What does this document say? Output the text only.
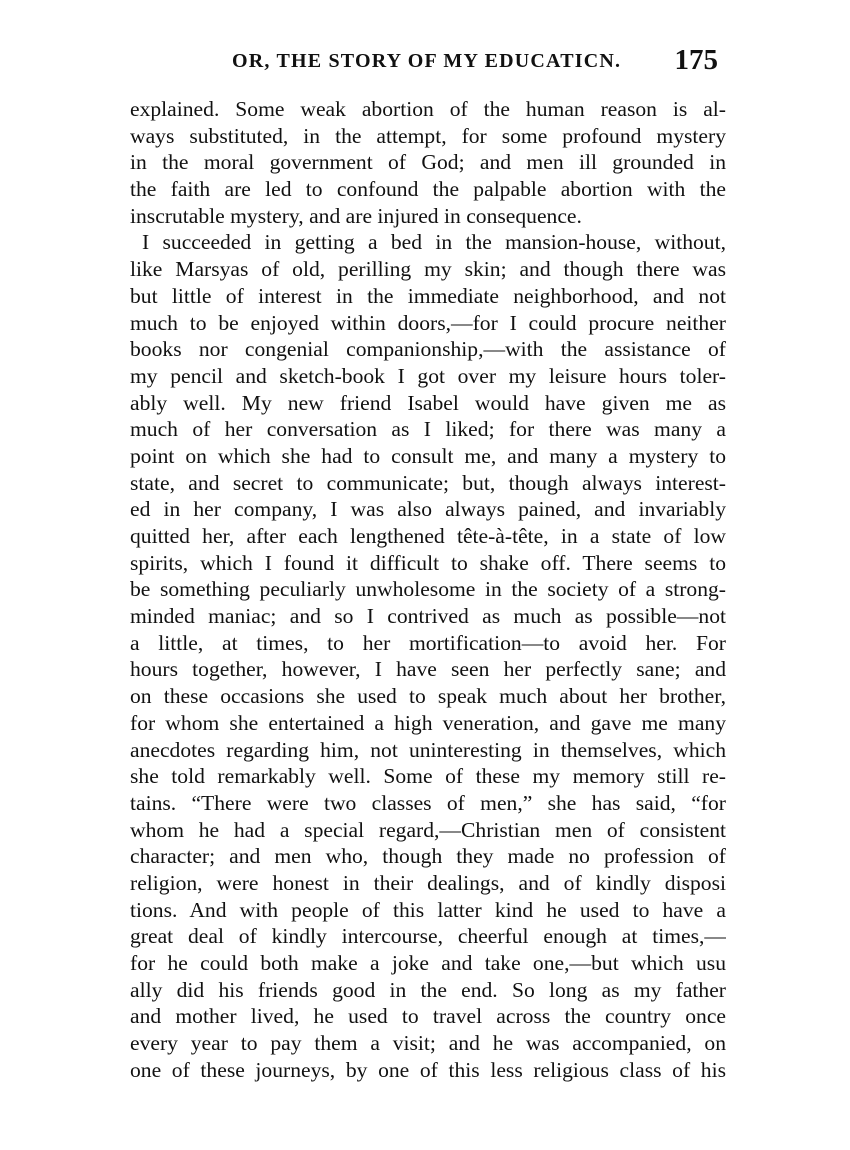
OR, THE STORY OF MY EDUCATICN. 175
explained. Some weak abortion of the human reason is al-
ways substituted, in the attempt, for some profound mystery
in the moral government of God; and men ill grounded in
the faith are led to confound the palpable abortion with the
inscrutable mystery, and are injured in consequence.
I succeeded in getting a bed in the mansion-house, without,
like Marsyas of old, perilling my skin; and though there was
but little of interest in the immediate neighborhood, and not
much to be enjoyed within doors,—for I could procure neither
books nor congenial companionship,—with the assistance of
my pencil and sketch-book I got over my leisure hours toler-
ably well. My new friend Isabel would have given me as
much of her conversation as I liked; for there was many a
point on which she had to consult me, and many a mystery to
state, and secret to communicate; but, though always interest-
ed in her company, I was also always pained, and invariably
quitted her, after each lengthened tête-à-tête, in a state of low
spirits, which I found it difficult to shake off. There seems to
be something peculiarly unwholesome in the society of a strong-
minded maniac; and so I contrived as much as possible—not
a little, at times, to her mortification—to avoid her. For
hours together, however, I have seen her perfectly sane; and
on these occasions she used to speak much about her brother,
for whom she entertained a high veneration, and gave me many
anecdotes regarding him, not uninteresting in themselves, which
she told remarkably well. Some of these my memory still re-
tains. “There were two classes of men,” she has said, “for
whom he had a special regard,—Christian men of consistent
character; and men who, though they made no profession of
religion, were honest in their dealings, and of kindly disposi
tions. And with people of this latter kind he used to have a
great deal of kindly intercourse, cheerful enough at times,—
for he could both make a joke and take one,—but which usu
ally did his friends good in the end. So long as my father
and mother lived, he used to travel across the country once
every year to pay them a visit; and he was accompanied, on
one of these journeys, by one of this less religious class of his
